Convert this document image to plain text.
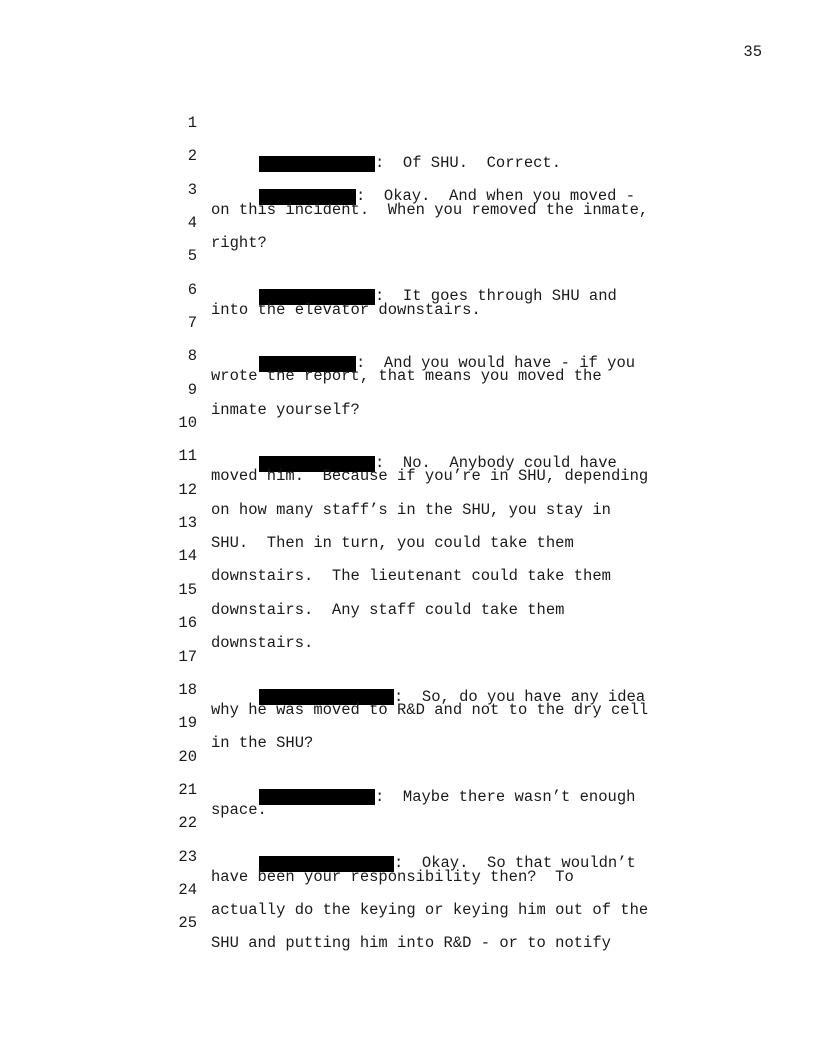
35

1

:  Of SHU.  Correct.

2

:  Okay.  And when you moved -

3

on this incident.  When you removed the inmate,

4

right?

5

:  It goes through SHU and

6

into the elevator downstairs.

7

:  And you would have - if you

8

wrote the report, that means you moved the

9

inmate yourself?

10

:  No.  Anybody could have

11

moved him.  Because if you’re in SHU, depending

12

on how many staff’s in the SHU, you stay in

13

SHU.  Then in turn, you could take them

14

downstairs.  The lieutenant could take them

15

downstairs.  Any staff could take them

16

downstairs.

17

:  So, do you have any idea

18

why he was moved to R&D and not to the dry cell

19

in the SHU?

20

:  Maybe there wasn’t enough

21

space.

22

:  Okay.  So that wouldn’t

23

have been your responsibility then?  To

24

actually do the keying or keying him out of the

25

SHU and putting him into R&D - or to notify
